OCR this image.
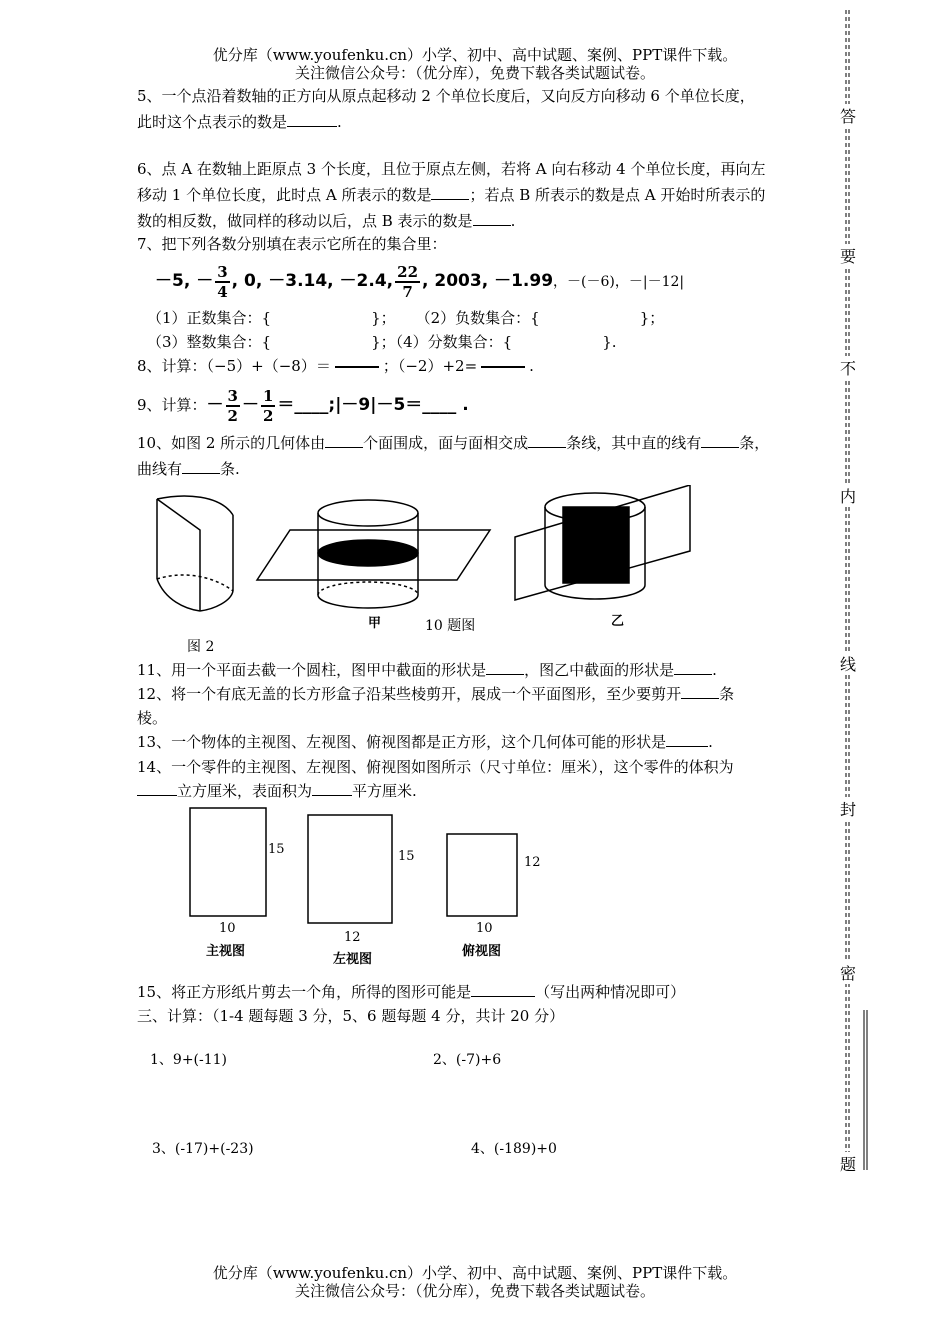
优分库（www.youfenku.cn）小学、初中、高中试题、案例、PPT课件下载。
关注微信公众号：（优分库），免费下载各类试题试卷。
5、一个点沿着数轴的正方向从原点起移动 2 个单位长度后，又向反方向移动 6 个单位长度，
此时这个点表示的数是	.
6、点 A 在数轴上距原点 3 个长度，且位于原点左侧，若将 A 向右移动 4 个单位长度，再向左
移动 1 个单位长度，此时点 A 所表示的数是	；若点 B 所表示的数是点 A 开始时所表示的
数的相反数，做同样的移动以后，点 B 表示的数是	.
7、把下列各数分别填在表示它所在的集合里：
－5, － $\frac{3}{4}$ , 0, －3.14, －2.4, $\frac{22}{7}$ , 2003, －1.99，－(－6)，－|－12|
（1）正数集合：{	}； （2）负数集合：{	}；
（3）整数集合：{	}；（4）分数集合：{	}.
8、计算：（−5）+（−8）＝	；（−2）+2=	.
9、计算：－ $\frac{3}{2} - \frac{1}{2}$ ＝____;|－9|－5＝____ .
10、如图 2 所示的几何体由	个面围成，面与面相交成	条线，其中直的线有	条，
曲线有	条.
图 2
甲	10 题图	乙
11、用一个平面去截一个圆柱，图甲中截面的形状是	，图乙中截面的形状是	.
12、将一个有底无盖的长方形盒子沿某些棱剪开，展成一个平面图形，至少要剪开	条
棱。
13、一个物体的主视图、左视图、俯视图都是正方形，这个几何体可能的形状是	.
14、一个零件的主视图、左视图、俯视图如图所示（尺寸单位：厘米），这个零件的体积为
立方厘米，表面积为	平方厘米.
15
10
主视图
15
12
左视图
12
10
俯视图
15、将正方形纸片剪去一个角，所得的图形可能是	（写出两种情况即可）
三、计算：（1-4 题每题 3 分，5、6 题每题 4 分，共计 20 分）
1、9+(-11)	2、(-7)+6
3、(-17)+(-23)	4、(-189)+0
优分库（www.youfenku.cn）小学、初中、高中试题、案例、PPT课件下载。
关注微信公众号：（优分库），免费下载各类试题试卷。
答
要
不
内
线
封
密
题
